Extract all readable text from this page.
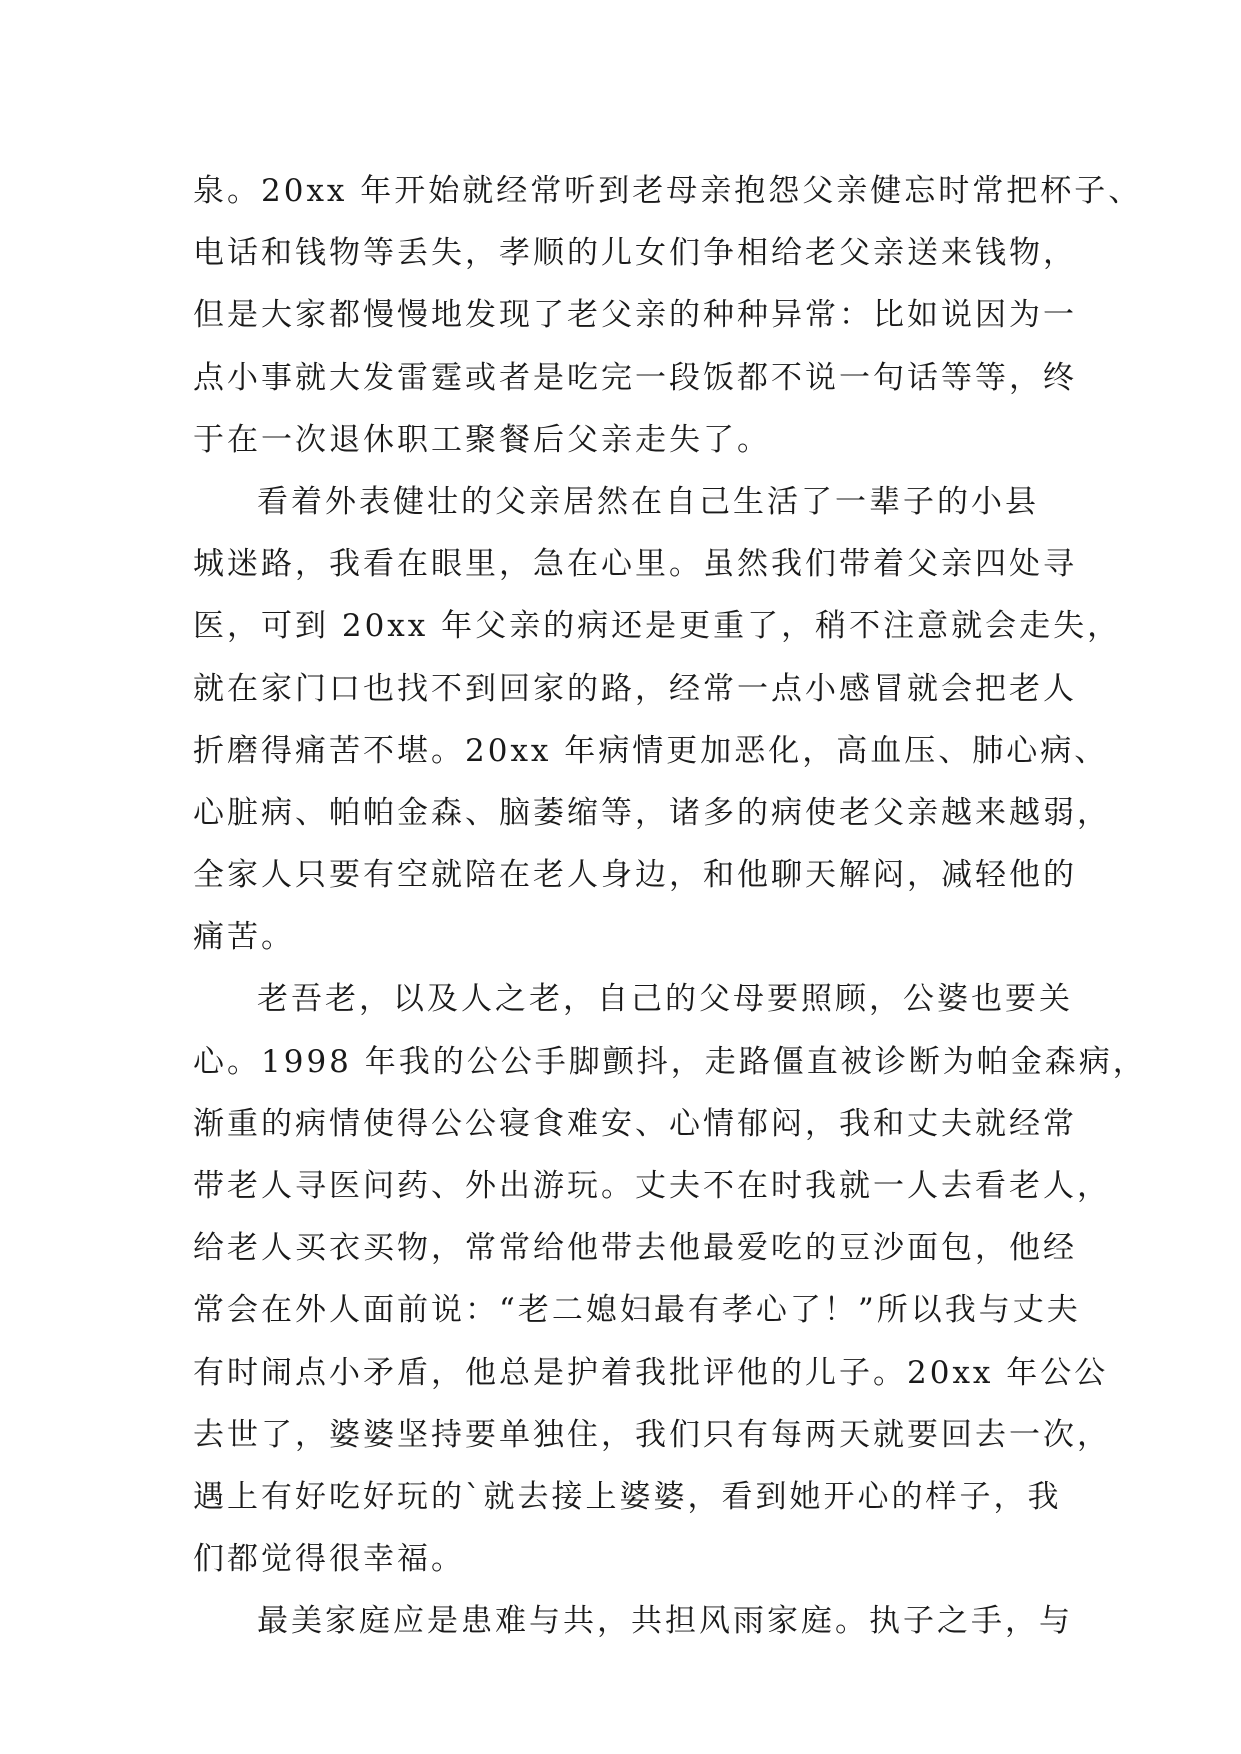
泉。20xx 年开始就经常听到老母亲抱怨父亲健忘时常把杯子、

电话和钱物等丢失，孝顺的儿女们争相给老父亲送来钱物，

但是大家都慢慢地发现了老父亲的种种异常：比如说因为一

点小事就大发雷霆或者是吃完一段饭都不说一句话等等，终

于在一次退休职工聚餐后父亲走失了。

看着外表健壮的父亲居然在自己生活了一辈子的小县

城迷路，我看在眼里，急在心里。虽然我们带着父亲四处寻

医，可到 20xx 年父亲的病还是更重了，稍不注意就会走失，

就在家门口也找不到回家的路，经常一点小感冒就会把老人

折磨得痛苦不堪。20xx 年病情更加恶化，高血压、肺心病、

心脏病、帕帕金森、脑萎缩等，诸多的病使老父亲越来越弱，

全家人只要有空就陪在老人身边，和他聊天解闷，减轻他的

痛苦。

老吾老，以及人之老，自己的父母要照顾，公婆也要关

心。1998 年我的公公手脚颤抖，走路僵直被诊断为帕金森病，

渐重的病情使得公公寝食难安、心情郁闷，我和丈夫就经常

带老人寻医问药、外出游玩。丈夫不在时我就一人去看老人，

给老人买衣买物，常常给他带去他最爱吃的豆沙面包，他经

常会在外人面前说：“老二媳妇最有孝心了！”所以我与丈夫

有时闹点小矛盾，他总是护着我批评他的儿子。20xx 年公公

去世了，婆婆坚持要单独住，我们只有每两天就要回去一次，

遇上有好吃好玩的`就去接上婆婆，看到她开心的样子，我

们都觉得很幸福。

最美家庭应是患难与共，共担风雨家庭。执子之手，与
